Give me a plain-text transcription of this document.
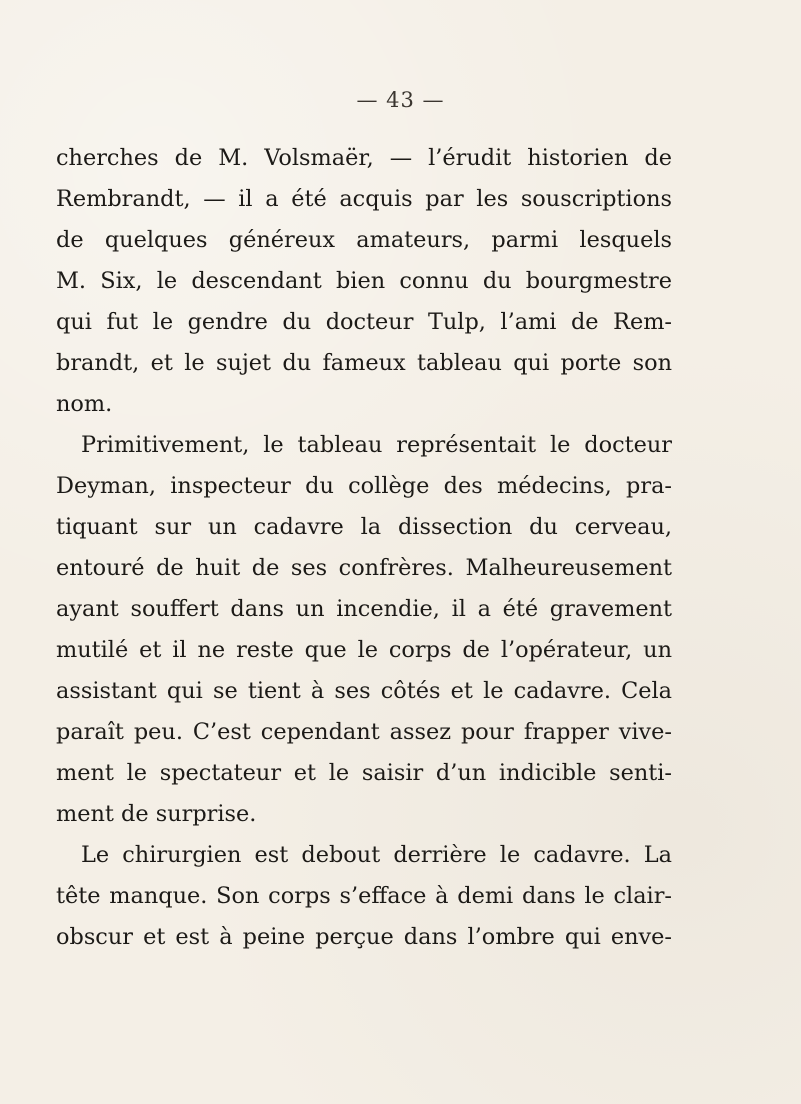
— 43 —
cherches de M. Volsmaër, — l’érudit historien de
Rembrandt, — il a été acquis par les souscriptions
de quelques généreux amateurs, parmi lesquels
M. Six, le descendant bien connu du bourgmestre
qui fut le gendre du docteur Tulp, l’ami de Rem-
brandt, et le sujet du fameux tableau qui porte son
nom.
Primitivement, le tableau représentait le docteur
Deyman, inspecteur du collège des médecins, pra-
tiquant sur un cadavre la dissection du cerveau,
entouré de huit de ses confrères. Malheureusement
ayant souffert dans un incendie, il a été gravement
mutilé et il ne reste que le corps de l’opérateur, un
assistant qui se tient à ses côtés et le cadavre. Cela
paraît peu. C’est cependant assez pour frapper vive-
ment le spectateur et le saisir d’un indicible senti-
ment de surprise.
Le chirurgien est debout derrière le cadavre. La
tête manque. Son corps s’efface à demi dans le clair-
obscur et est à peine perçue dans l’ombre qui enve-
